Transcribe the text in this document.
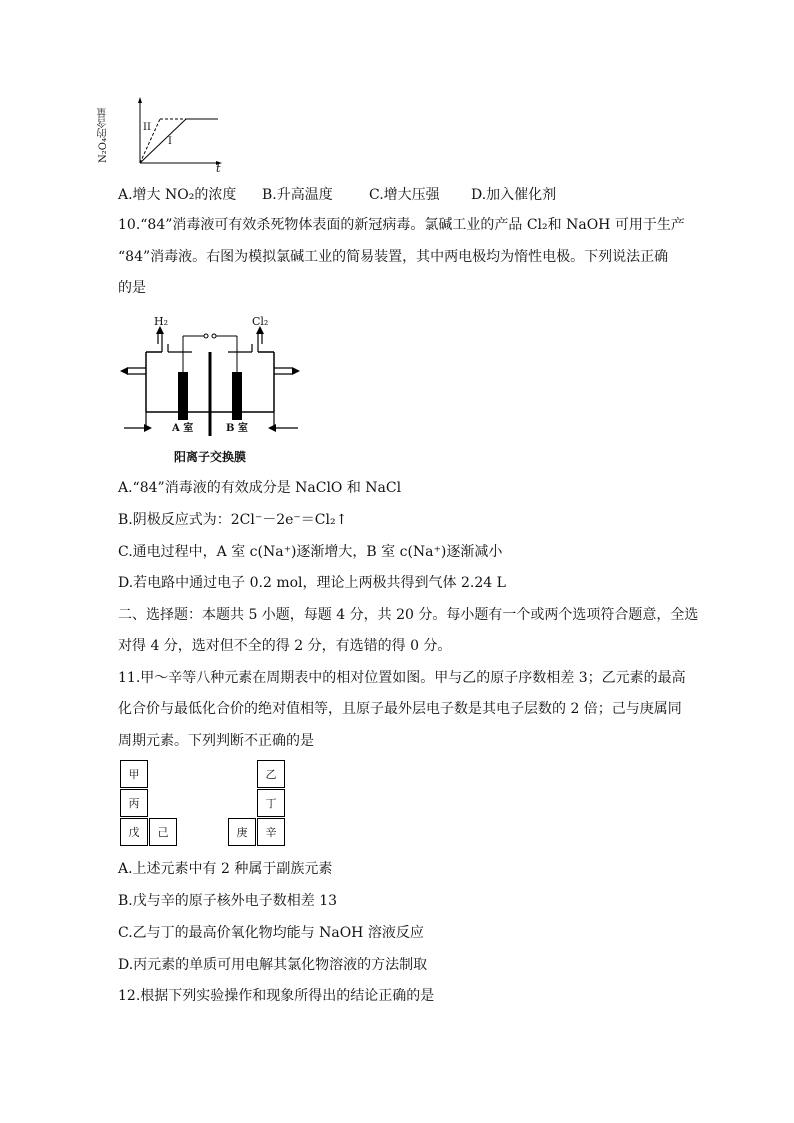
N₂O₄的含量
t
II
I
A.增大 NO₂的浓度 B.升高温度	C.增大压强 D.加入催化剂
10.“84”消毒液可有效杀死物体表面的新冠病毒。氯碱工业的产品 Cl₂和 NaOH 可用于生产
“84”消毒液。右图为模拟氯碱工业的简易装置，其中两电极均为惰性电极。下列说法正确
的是
H₂	Cl₂
A 室	B 室
阳离子交换膜
A.“84”消毒液的有效成分是 NaClO 和 NaCl
B.阴极反应式为：2Cl⁻－2e⁻＝Cl₂↑
C.通电过程中，A 室 c(Na⁺)逐渐增大，B 室 c(Na⁺)逐渐减小
D.若电路中通过电子 0.2 mol，理论上两极共得到气体 2.24 L
二、选择题：本题共 5 小题，每题 4 分，共 20 分。每小题有一个或两个选项符合题意，全选
对得 4 分，选对但不全的得 2 分，有选错的得 0 分。
11.甲～辛等八种元素在周期表中的相对位置如图。甲与乙的原子序数相差 3；乙元素的最高
化合价与最低化合价的绝对值相等，且原子最外层电子数是其电子层数的 2 倍；己与庚属同
周期元素。下列判断不正确的是
甲
丙
戊	己
乙
丁
庚	辛
A.上述元素中有 2 种属于副族元素
B.戊与辛的原子核外电子数相差 13
C.乙与丁的最高价氧化物均能与 NaOH 溶液反应
D.丙元素的单质可用电解其氯化物溶液的方法制取
12.根据下列实验操作和现象所得出的结论正确的是
